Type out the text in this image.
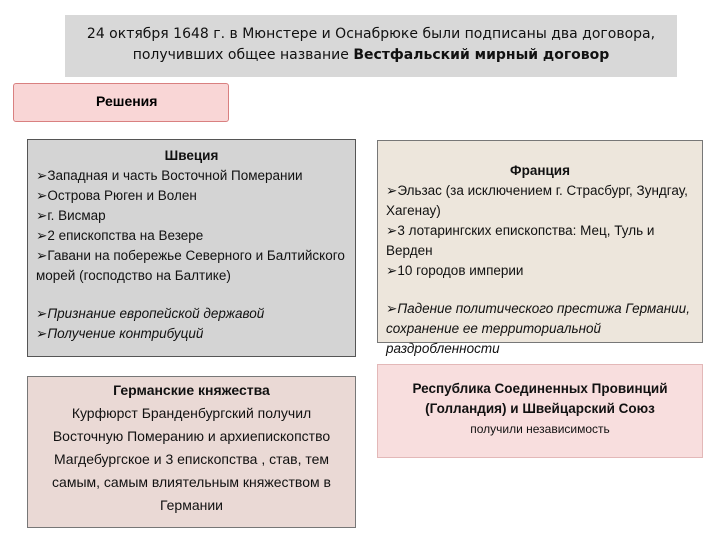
24 октября 1648 г. в Мюнстере и Оснабрюке были подписаны два договора,
получивших общее название Вестфальский мирный договор
Решения
Швеция
➢Западная и часть Восточной Померании
➢Острова Рюген и Волен
➢г. Висмар
➢2 епископства на Везере
➢Гавани на побережье Северного и Балтийского морей (господство на Балтике)
➢Признание европейской державой
➢Получение контрибуций
Франция
➢Эльзас (за исключением г. Страсбург, Зундгау, Хагенау)
➢3 лотарингских епископства: Мец, Туль и Верден
➢10 городов империи
➢Падение политического престижа Германии, сохранение ее территориальной раздробленности
Германские княжества
Курфюрст Бранденбургский получил Восточную Померанию и архиепископство Магдебургское и 3 епископства , став, тем самым, самым влиятельным княжеством в Германии
Республика Соединенных Провинций (Голландия) и Швейцарский Союз
получили независимость
